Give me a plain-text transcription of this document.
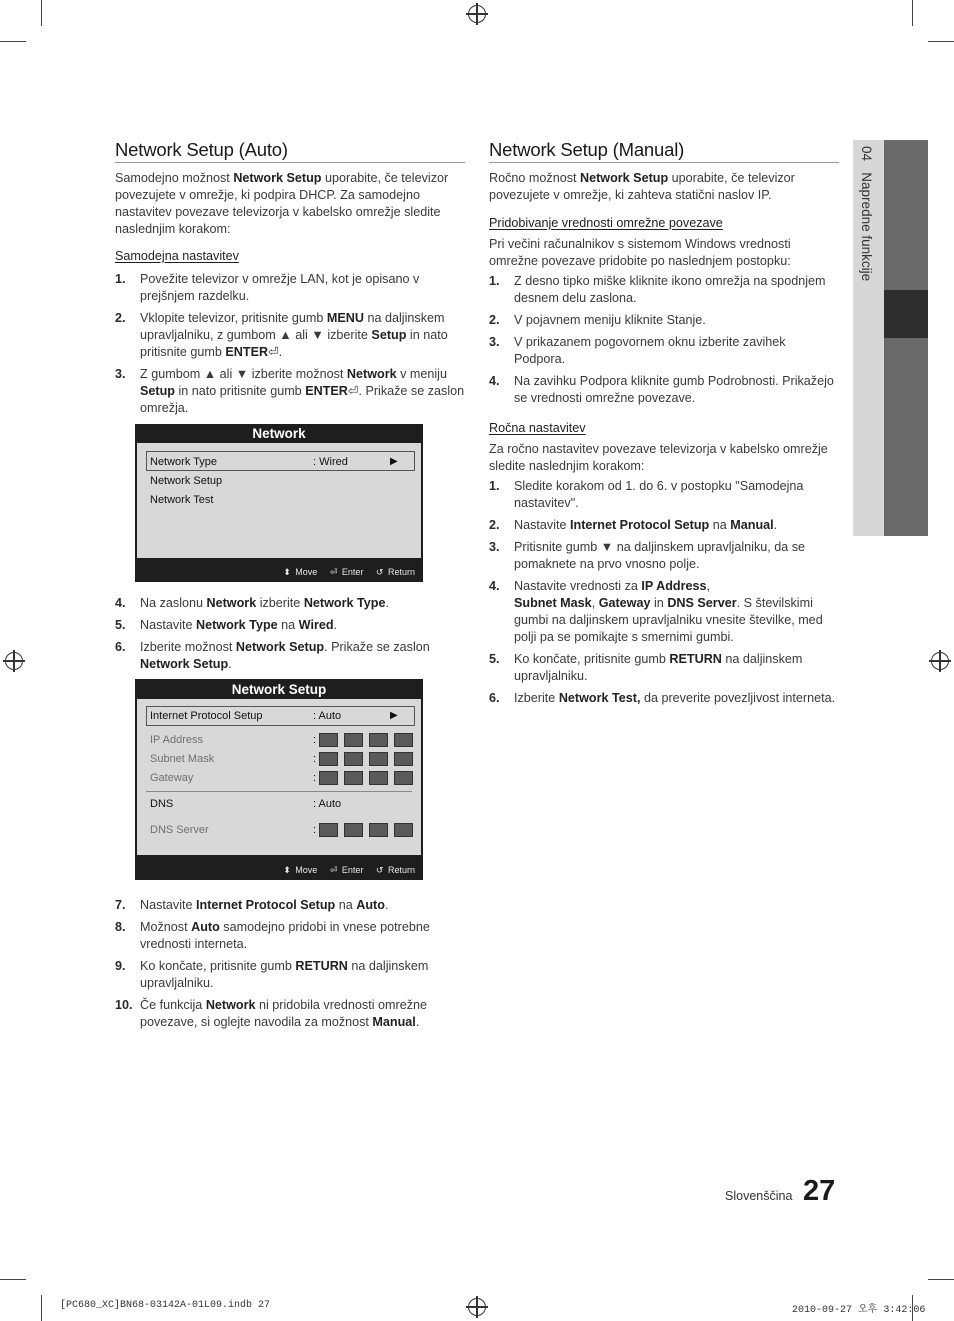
04   Napredne funkcije
Network Setup (Auto)
Samodejno možnost Network Setup uporabite, če televizor povezujete v omrežje, ki podpira DHCP. Za samodejno nastavitev povezave televizorja v kabelsko omrežje sledite naslednjim korakom:
Samodejna nastavitev
1. Povežite televizor v omrežje LAN, kot je opisano v prejšnjem razdelku.
2. Vklopite televizor, pritisnite gumb MENU na daljinskem upravljalniku, z gumbom ▲ ali ▼ izberite Setup in nato pritisnite gumb ENTER⏎.
3. Z gumbom ▲ ali ▼ izberite možnost Network v meniju Setup in nato pritisnite gumb ENTER⏎. Prikaže se zaslon omrežja.
Network
Network Type	: Wired	▶
Network Setup
Network Test
⬍ Move ⏎ Enter ↺ Return
4. Na zaslonu Network izberite Network Type.
5. Nastavite Network Type na Wired.
6. Izberite možnost Network Setup. Prikaže se zaslon Network Setup.
Network Setup
Internet Protocol Setup	: Auto	▶
IP Address	:
Subnet Mask	:
Gateway	:
DNS	: Auto
DNS Server	:
⬍ Move ⏎ Enter ↺ Return
7. Nastavite Internet Protocol Setup na Auto.
8. Možnost Auto samodejno pridobi in vnese potrebne vrednosti interneta.
9. Ko končate, pritisnite gumb RETURN na daljinskem upravljalniku.
10. Če funkcija Network ni pridobila vrednosti omrežne povezave, si oglejte navodila za možnost Manual.
Network Setup (Manual)
Ročno možnost Network Setup uporabite, če televizor povezujete v omrežje, ki zahteva statični naslov IP.
Pridobivanje vrednosti omrežne povezave
Pri večini računalnikov s sistemom Windows vrednosti omrežne povezave pridobite po naslednjem postopku:
1. Z desno tipko miške kliknite ikono omrežja na spodnjem desnem delu zaslona.
2. V pojavnem meniju kliknite Stanje.
3. V prikazanem pogovornem oknu izberite zavihek Podpora.
4. Na zavihku Podpora kliknite gumb Podrobnosti. Prikažejo se vrednosti omrežne povezave.
Ročna nastavitev
Za ročno nastavitev povezave televizorja v kabelsko omrežje sledite naslednjim korakom:
1. Sledite korakom od 1. do 6. v postopku "Samodejna nastavitev".
2. Nastavite Internet Protocol Setup na Manual.
3. Pritisnite gumb ▼ na daljinskem upravljalniku, da se pomaknete na prvo vnosno polje.
4. Nastavite vrednosti za IP Address,
Subnet Mask, Gateway in DNS Server. S številskimi gumbi na daljinskem upravljalniku vnesite številke, med polji pa se pomikajte s smernimi gumbi.
5. Ko končate, pritisnite gumb RETURN na daljinskem upravljalniku.
6. Izberite Network Test, da preverite povezljivost interneta.
Slovenščina 27
[PC680_XC]BN68-03142A-01L09.indb 27	2010-09-27 오후 3:42:06
